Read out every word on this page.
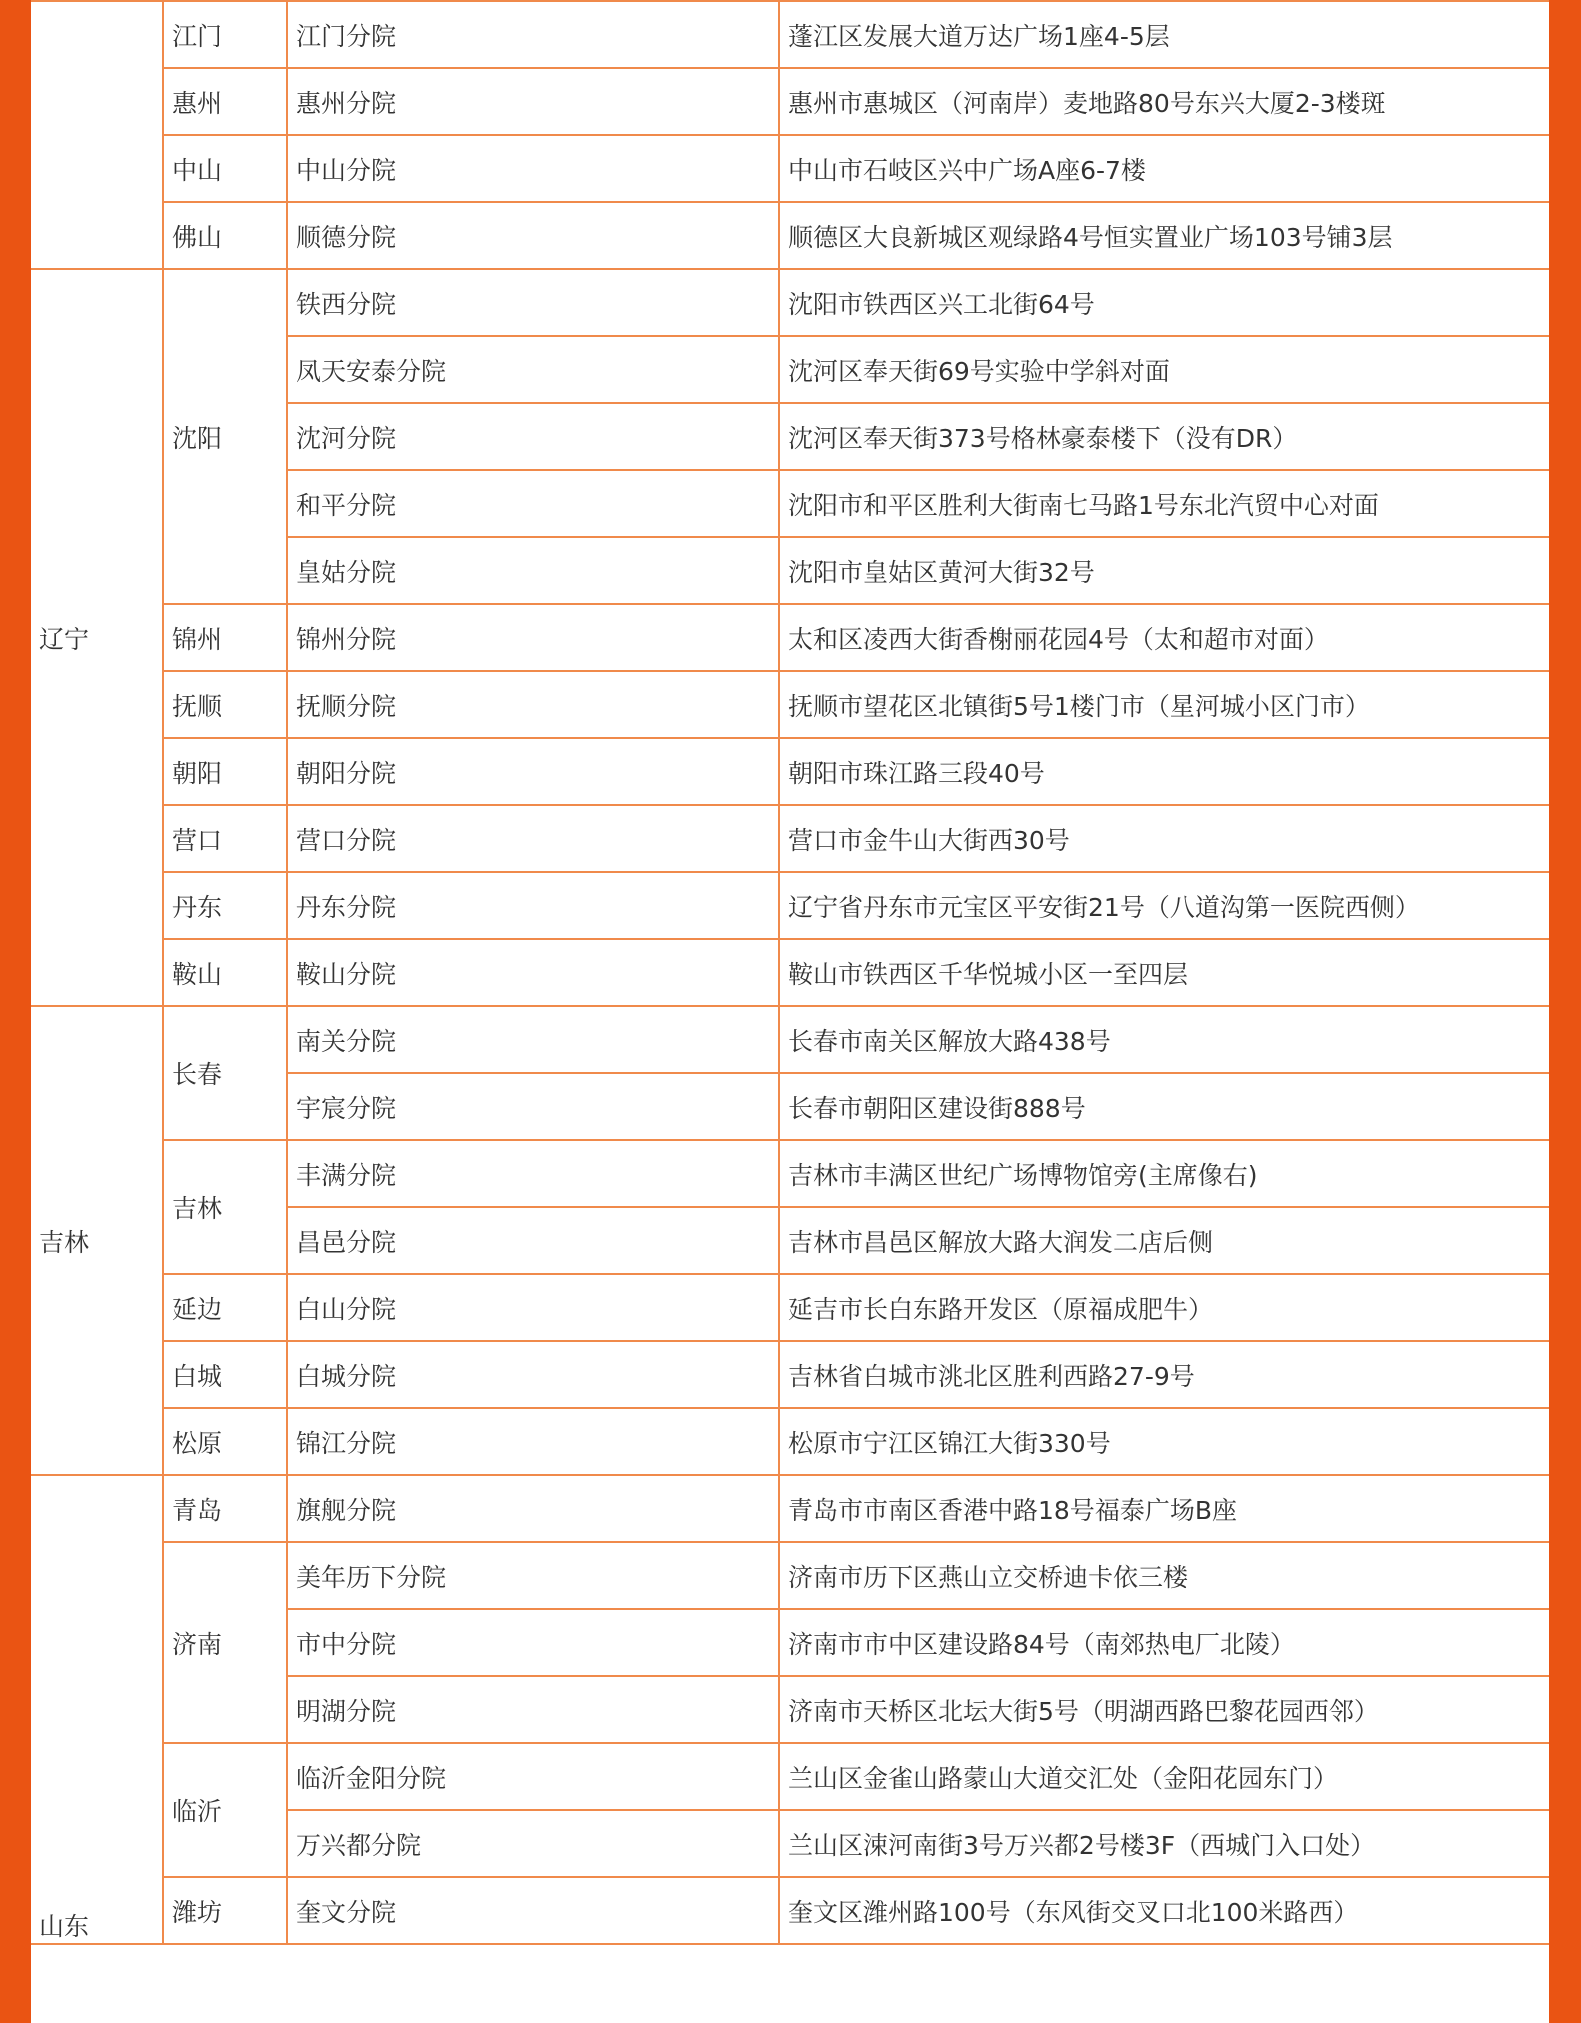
	江门	江门分院	蓬江区发展大道万达广场1座4-5层
	惠州	惠州分院	惠州市惠城区（河南岸）麦地路80号东兴大厦2-3楼斑
	中山	中山分院	中山市石岐区兴中广场A座6-7楼
	佛山	顺德分院	顺德区大良新城区观绿路4号恒实置业广场103号铺3层
辽宁	沈阳	铁西分院	沈阳市铁西区兴工北街64号
		凤天安泰分院	沈河区奉天街69号实验中学斜对面
		沈河分院	沈河区奉天街373号格林豪泰楼下（没有DR）
		和平分院	沈阳市和平区胜利大街南七马路1号东北汽贸中心对面
		皇姑分院	沈阳市皇姑区黄河大街32号
	锦州	锦州分院	太和区凌西大街香榭丽花园4号（太和超市对面）
	抚顺	抚顺分院	抚顺市望花区北镇街5号1楼门市（星河城小区门市）
	朝阳	朝阳分院	朝阳市珠江路三段40号
	营口	营口分院	营口市金牛山大街西30号
	丹东	丹东分院	辽宁省丹东市元宝区平安街21号（八道沟第一医院西侧）
	鞍山	鞍山分院	鞍山市铁西区千华悦城小区一至四层
吉林	长春	南关分院	长春市南关区解放大路438号
		宇宸分院	长春市朝阳区建设街888号
	吉林	丰满分院	吉林市丰满区世纪广场博物馆旁(主席像右)
		昌邑分院	吉林市昌邑区解放大路大润发二店后侧
	延边	白山分院	延吉市长白东路开发区（原福成肥牛）
	白城	白城分院	吉林省白城市洮北区胜利西路27-9号
	松原	锦江分院	松原市宁江区锦江大街330号
山东	青岛	旗舰分院	青岛市市南区香港中路18号福泰广场B座
	济南	美年历下分院	济南市历下区燕山立交桥迪卡依三楼
		市中分院	济南市市中区建设路84号（南郊热电厂北陵）
		明湖分院	济南市天桥区北坛大街5号（明湖西路巴黎花园西邻）
	临沂	临沂金阳分院	兰山区金雀山路蒙山大道交汇处（金阳花园东门）
		万兴都分院	兰山区涑河南街3号万兴都2号楼3F（西城门入口处）
	潍坊	奎文分院	奎文区潍州路100号（东风街交叉口北100米路西）
